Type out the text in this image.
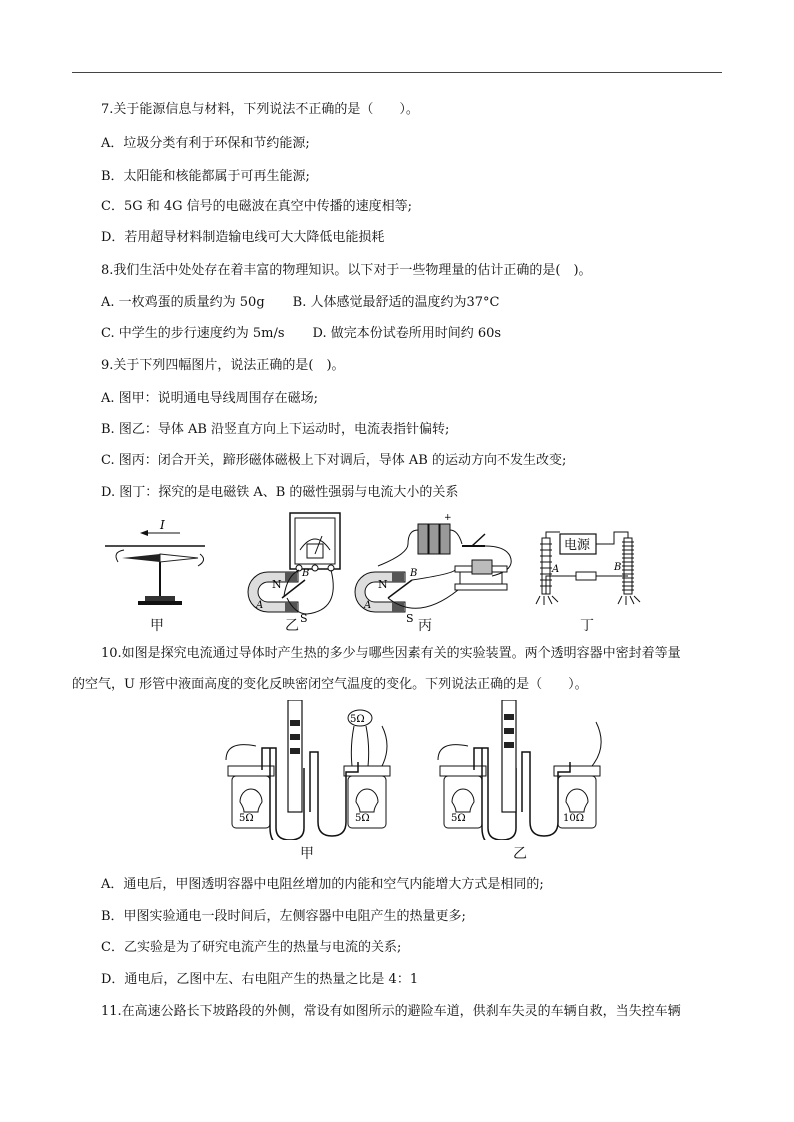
7.关于能源信息与材料，下列说法不正确的是（　　）。
A．垃圾分类有利于环保和节约能源;
B．太阳能和核能都属于可再生能源;
C．5G 和 4G 信号的电磁波在真空中传播的速度相等;
D．若用超导材料制造输电线可大大降低电能损耗
8.我们生活中处处存在着丰富的物理知识。以下对于一些物理量的估计正确的是(　)。
A. 一枚鸡蛋的质量约为 50g B. 人体感觉最舒适的温度约为37°C
C. 中学生的步行速度约为 5m/s D. 做完本份试卷所用时间约 60s
9.关于下列四幅图片，说法正确的是(　)。
A. 图甲：说明通电导线周围存在磁场;
B. 图乙：导体 AB 沿竖直方向上下运动时，电流表指针偏转;
C. 图丙：闭合开关，蹄形磁体磁极上下对调后，导体 AB 的运动方向不发生改变;
D. 图丁：探究的是电磁铁 A、B 的磁性强弱与电流大小的关系
I
N
S
A
B
+
N
S
A
B
电源
A	B
甲	乙	丙	丁
10.如图是探究电流通过导体时产生热的多少与哪些因素有关的实验装置。两个透明容器中密封着等量
的空气，U 形管中液面高度的变化反映密闭空气温度的变化。下列说法正确的是（　　）。
5Ω	5Ω
5Ω
5Ω	10Ω
甲	乙
A．通电后，甲图透明容器中电阻丝增加的内能和空气内能增大方式是相同的;
B．甲图实验通电一段时间后，左侧容器中电阻产生的热量更多;
C．乙实验是为了研究电流产生的热量与电流的关系;
D．通电后，乙图中左、右电阻产生的热量之比是 4：1
11.在高速公路长下坡路段的外侧，常设有如图所示的避险车道，供刹车失灵的车辆自救，当失控车辆
